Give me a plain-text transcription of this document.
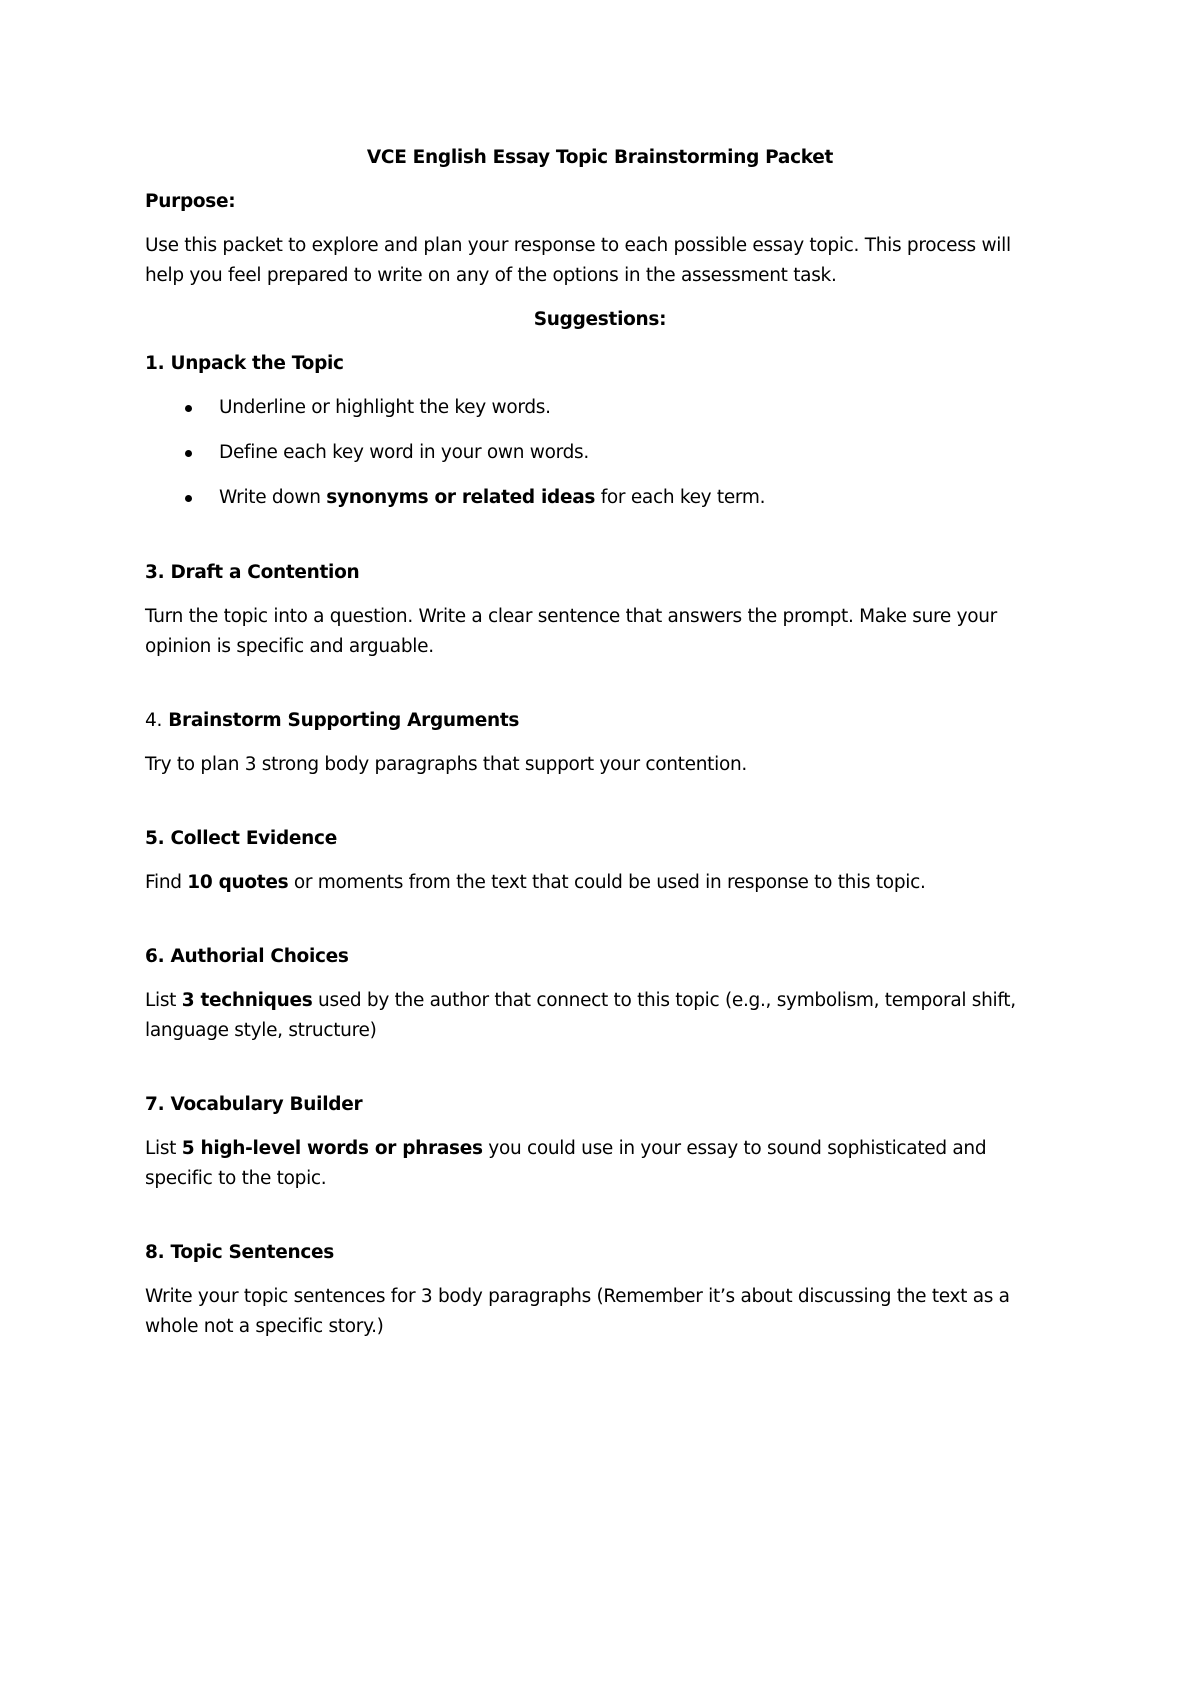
VCE English Essay Topic Brainstorming Packet

Purpose:

Use this packet to explore and plan your response to each possible essay topic. This process will help you feel prepared to write on any of the options in the assessment task.

Suggestions:

1. Unpack the Topic

Underline or highlight the key words.
Define each key word in your own words.
Write down synonyms or related ideas for each key term.

3. Draft a Contention

Turn the topic into a question. Write a clear sentence that answers the prompt. Make sure your opinion is specific and arguable.

4. Brainstorm Supporting Arguments

Try to plan 3 strong body paragraphs that support your contention.

5. Collect Evidence

Find 10 quotes or moments from the text that could be used in response to this topic.

6. Authorial Choices

List 3 techniques used by the author that connect to this topic (e.g., symbolism, temporal shift, language style, structure)

7. Vocabulary Builder

List 5 high-level words or phrases you could use in your essay to sound sophisticated and specific to the topic.

8. Topic Sentences

Write your topic sentences for 3 body paragraphs (Remember it’s about discussing the text as a whole not a specific story.)
